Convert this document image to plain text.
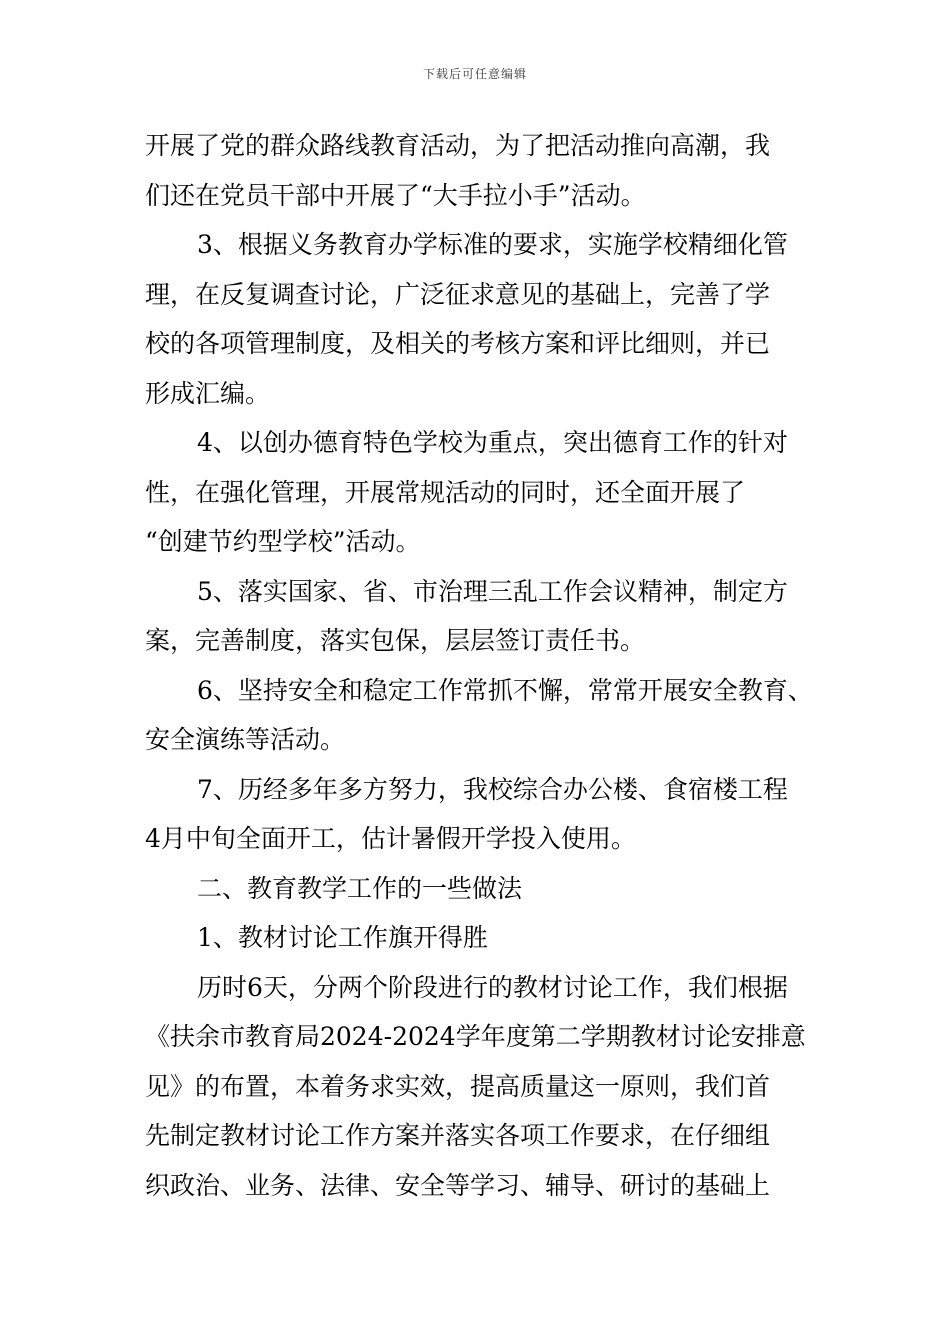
下载后可任意编辑
开展了党的群众路线教育活动，为了把活动推向高潮，我
们还在党员干部中开展了“大手拉小手”活动。
3、根据义务教育办学标准的要求，实施学校精细化管
理，在反复调查讨论，广泛征求意见的基础上，完善了学
校的各项管理制度，及相关的考核方案和评比细则，并已
形成汇编。
4、以创办德育特色学校为重点，突出德育工作的针对
性，在强化管理，开展常规活动的同时，还全面开展了
“创建节约型学校”活动。
5、落实国家、省、市治理三乱工作会议精神，制定方
案，完善制度，落实包保，层层签订责任书。
6、坚持安全和稳定工作常抓不懈，常常开展安全教育、
安全演练等活动。
7、历经多年多方努力，我校综合办公楼、食宿楼工程
4月中旬全面开工，估计暑假开学投入使用。
二、教育教学工作的一些做法
1、教材讨论工作旗开得胜
历时6天，分两个阶段进行的教材讨论工作，我们根据
《扶余市教育局2024-2024学年度第二学期教材讨论安排意
见》的布置，本着务求实效，提高质量这一原则，我们首
先制定教材讨论工作方案并落实各项工作要求，在仔细组
织政治、业务、法律、安全等学习、辅导、研讨的基础上
